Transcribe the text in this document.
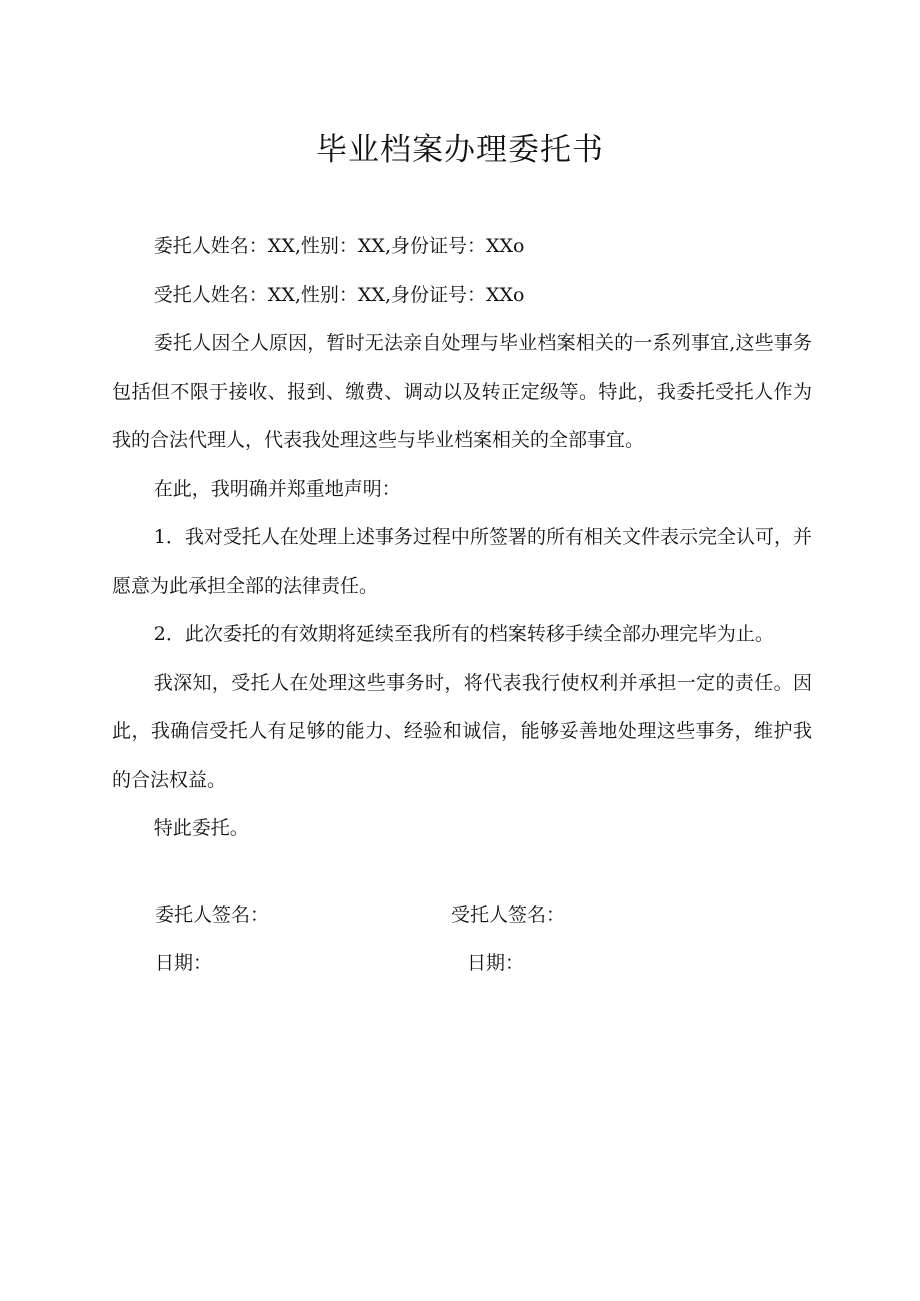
毕业档案办理委托书

委托人姓名：XX,性别：XX,身份证号：XXo

受托人姓名：XX,性别：XX,身份证号：XXo

委托人因仝人原因，暂时无法亲自处理与毕业档案相关的一系列事宜,这些事务包括但不限于接收、报到、缴费、调动以及转正定级等。特此，我委托受托人作为我的合法代理人，代表我处理这些与毕业档案相关的全部事宜。

在此，我明确并郑重地声明：

1．我对受托人在处理上述事务过程中所签署的所有相关文件表示完全认可，并愿意为此承担全部的法律责任。

2．此次委托的有效期将延续至我所有的档案转移手续全部办理完毕为止。

我深知，受托人在处理这些事务时，将代表我行使权利并承担一定的责任。因此，我确信受托人有足够的能力、经验和诚信，能够妥善地处理这些事务，维护我的合法权益。

特此委托。

委托人签名：	受托人签名：
日期：	日期：
